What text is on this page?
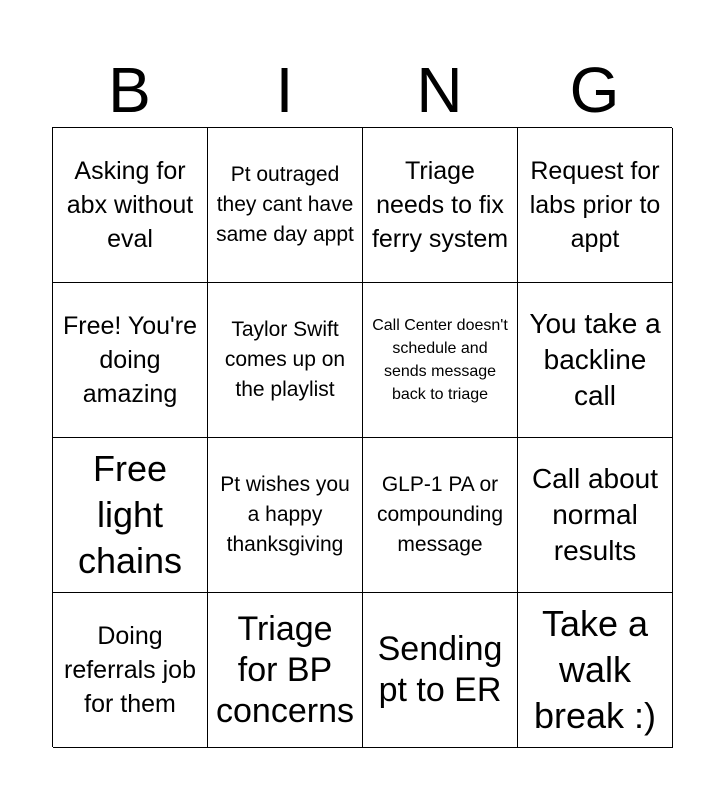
B	I	N	G
Asking for abx without eval
Pt outraged they cant have same day appt
Triage needs to fix ferry system
Request for labs prior to appt
Free! You're doing amazing
Taylor Swift comes up on the playlist
Call Center doesn't schedule and sends message back to triage
You take a backline call
Free light chains
Pt wishes you a happy thanksgiving
GLP-1 PA or compounding message
Call about normal results
Doing referrals job for them
Triage for BP concerns
Sending pt to ER
Take a walk break :)
